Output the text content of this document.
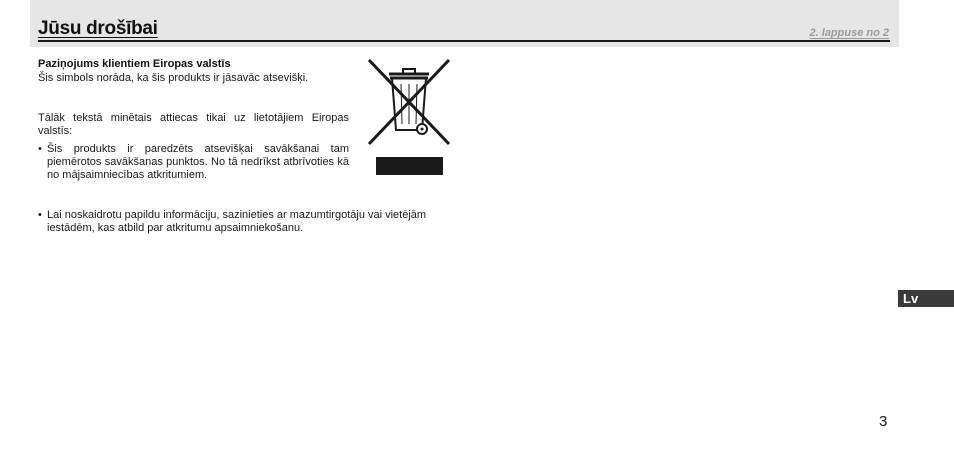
Jūsu drošībai	2. lappuse no 2
Paziņojums klientiem Eiropas valstīs
Šis simbols norāda, ka šis produkts ir jāsavāc atsevišķi.
Tālāk tekstā minētais attiecas tikai uz lietotājiem Eiropas valstīs:
• Šis produkts ir paredzēts atsevišķai savākšanai tam piemērotos savākšanas punktos. No tā nedrīkst atbrīvoties kā no mājsaimniecības atkritumiem.
• Lai noskaidrotu papildu informāciju, sazinieties ar mazumtirgotāju vai vietējām iestādēm, kas atbild par atkritumu apsaimniekošanu.
Lv
3
